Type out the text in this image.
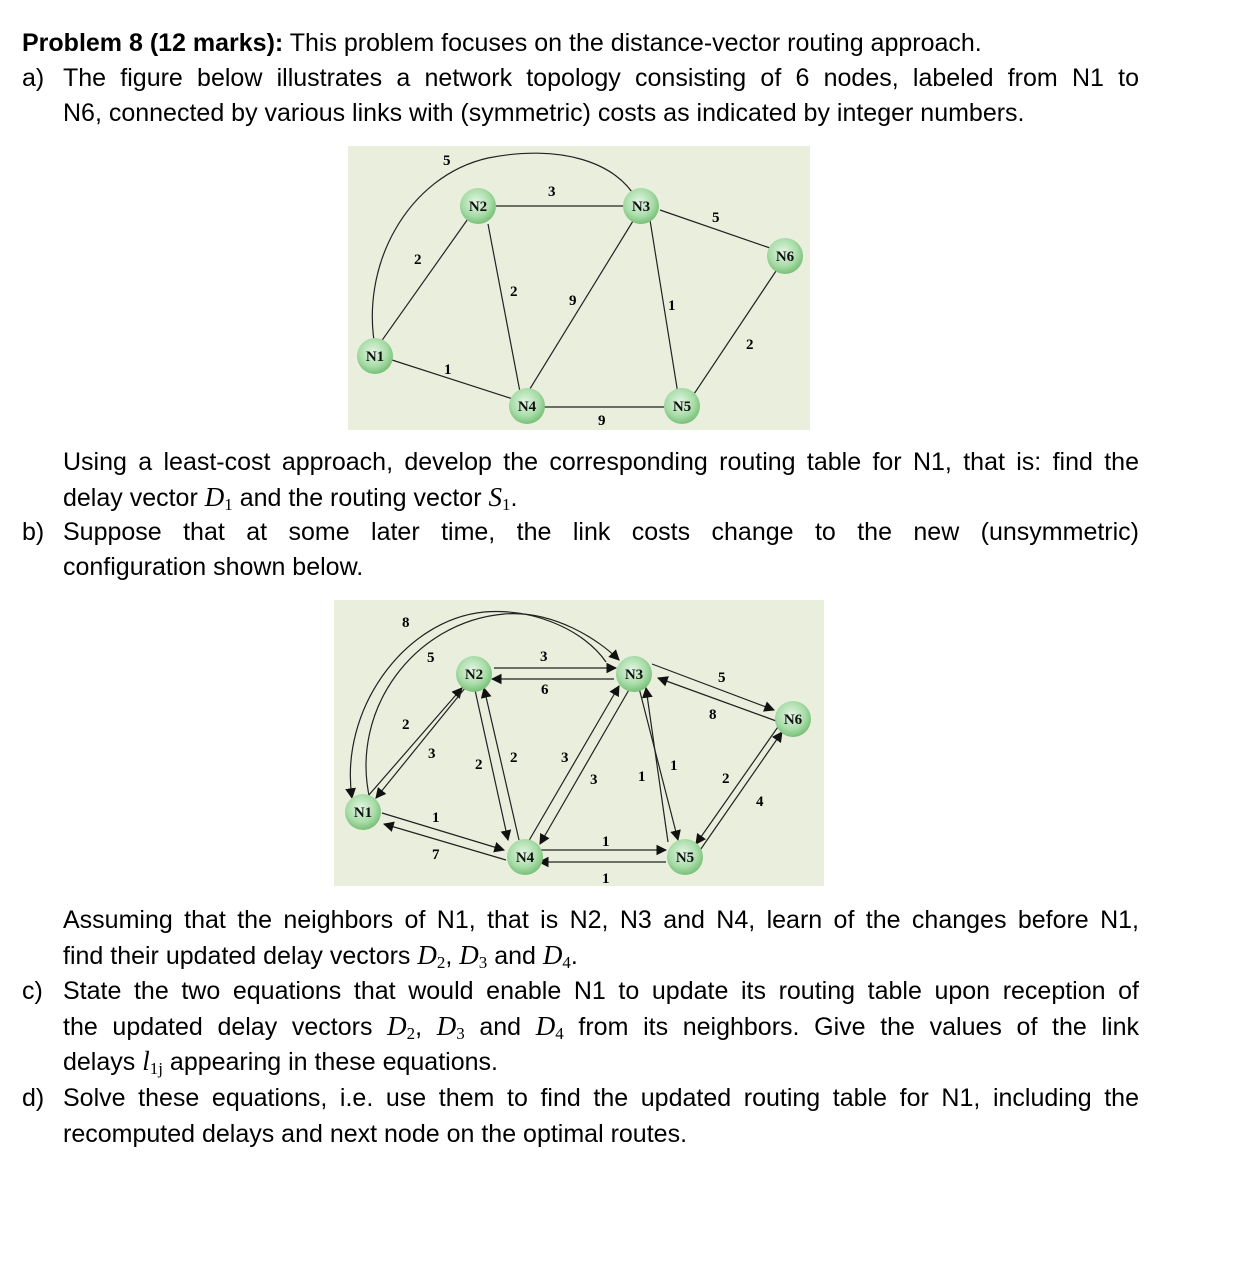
Problem 8 (12 marks): This problem focuses on the distance-vector routing approach.
a) The figure below illustrates a network topology consisting of 6 nodes, labeled from N1 to
N6, connected by various links with (symmetric) costs as indicated by integer numbers.
5
2
1
3
2
9	1
5
9
2
N1
N2	N3
N4	N5
N6
Using a least-cost approach, develop the corresponding routing table for N1, that is: find the
delay vector $D_1$ and the routing vector $S_1$.
b) Suppose that at some later time, the link costs change to the new (unsymmetric)
configuration shown below.
8
5
2
3
1
7
3
6
2 2	3
3	1
1
5
8
1
1
2
4
N1
N2	N3
N4	N5
N6
Assuming that the neighbors of N1, that is N2, N3 and N4, learn of the changes before N1,
find their updated delay vectors $D_2$, $D_3$ and $D_4$.
c) State the two equations that would enable N1 to update its routing table upon reception of
the updated delay vectors $D_2$, $D_3$ and $D_4$ from its neighbors. Give the values of the link
delays $l_{1j}$ appearing in these equations.
d) Solve these equations, i.e. use them to find the updated routing table for N1, including the
recomputed delays and next node on the optimal routes.
